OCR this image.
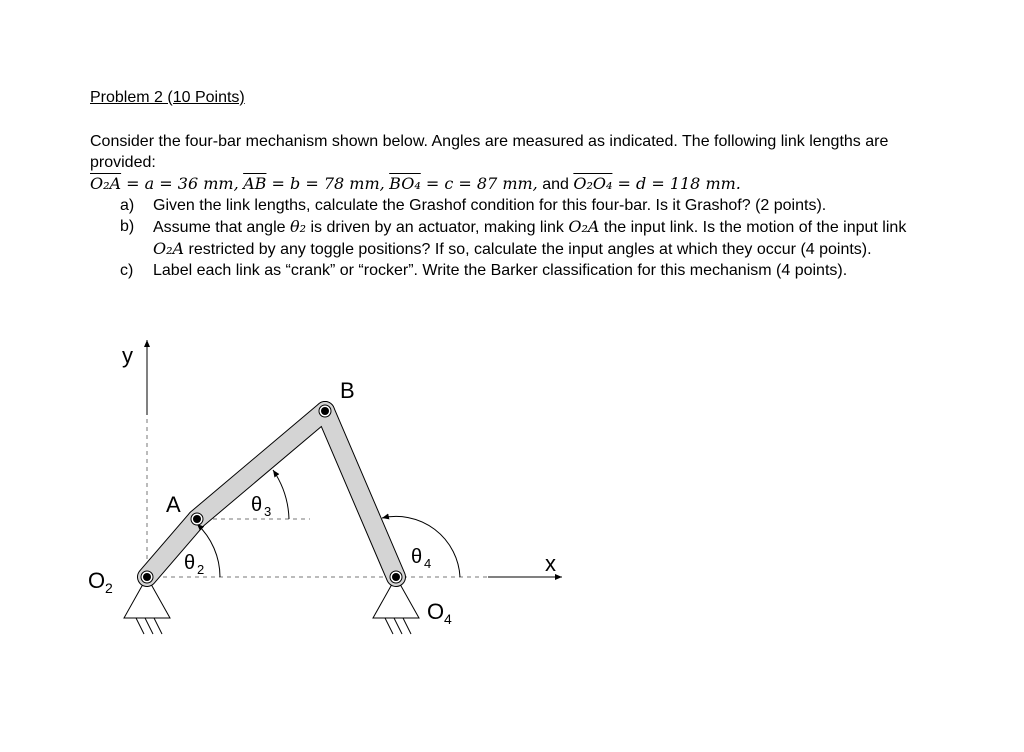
Problem 2 (10 Points)
Consider the four-bar mechanism shown below. Angles are measured as indicated. The following link lengths are provided:
O₂A = a = 36 mm, $\overline{AB} = b = 78$ mm, BO₄ = c = 87 mm, and O₂O₄ = d = 118 mm.
a)	Given the link lengths, calculate the Grashof condition for this four-bar. Is it Grashof? (2 points).
b)	Assume that angle θ₂ is driven by an actuator, making link O₂A the input link. Is the motion of the input link O₂A restricted by any toggle positions? If so, calculate the input angles at which they occur (4 points).
c)	Label each link as “crank” or “rocker”. Write the Barker classification for this mechanism (4 points).
y
x
A
B
O 2
O 4
θ 2
θ 3
θ 4
